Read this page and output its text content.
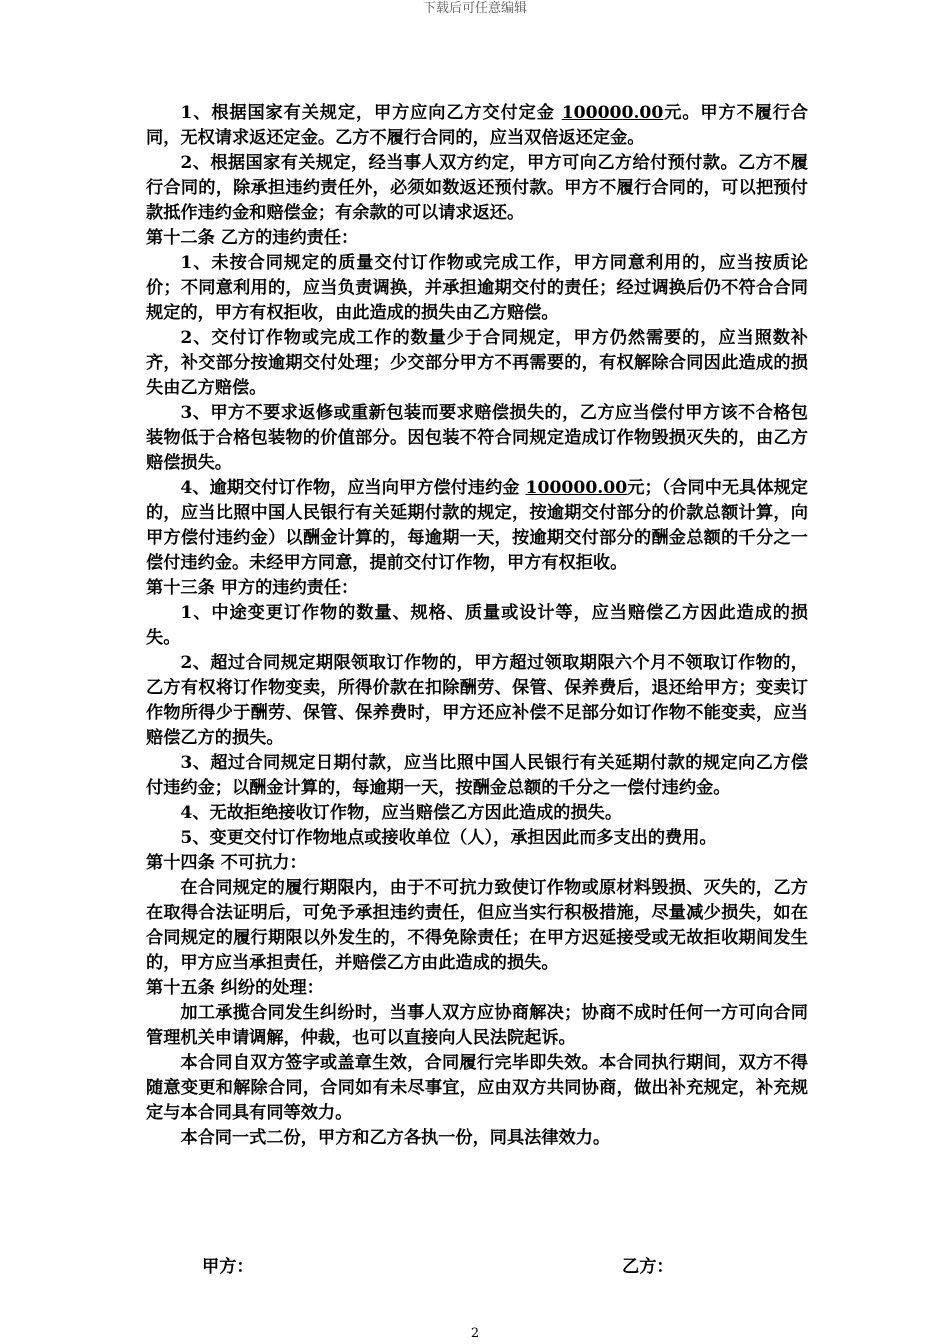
下载后可任意编辑

1、根据国家有关规定，甲方应向乙方交付定金 100000.00元。甲方不履行合同，无权请求返还定金。乙方不履行合同的，应当双倍返还定金。

2、根据国家有关规定，经当事人双方约定，甲方可向乙方给付预付款。乙方不履行合同的，除承担违约责任外，必须如数返还预付款。甲方不履行合同的，可以把预付款抵作违约金和赔偿金；有余款的可以请求返还。

第十二条 乙方的违约责任：

1、未按合同规定的质量交付订作物或完成工作，甲方同意利用的，应当按质论价；不同意利用的，应当负责调换，并承担逾期交付的责任；经过调换后仍不符合合同规定的，甲方有权拒收，由此造成的损失由乙方赔偿。

2、交付订作物或完成工作的数量少于合同规定，甲方仍然需要的，应当照数补齐，补交部分按逾期交付处理；少交部分甲方不再需要的，有权解除合同因此造成的损失由乙方赔偿。

3、甲方不要求返修或重新包装而要求赔偿损失的，乙方应当偿付甲方该不合格包装物低于合格包装物的价值部分。因包装不符合同规定造成订作物毁损灭失的，由乙方赔偿损失。

4、逾期交付订作物，应当向甲方偿付违约金 100000.00元；（合同中无具体规定的，应当比照中国人民银行有关延期付款的规定，按逾期交付部分的价款总额计算，向甲方偿付违约金）以酬金计算的，每逾期一天，按逾期交付部分的酬金总额的千分之一偿付违约金。未经甲方同意，提前交付订作物，甲方有权拒收。

第十三条 甲方的违约责任：

1、中途变更订作物的数量、规格、质量或设计等，应当赔偿乙方因此造成的损失。

2、超过合同规定期限领取订作物的，甲方超过领取期限六个月不领取订作物的，乙方有权将订作物变卖，所得价款在扣除酬劳、保管、保养费后，退还给甲方；变卖订作物所得少于酬劳、保管、保养费时，甲方还应补偿不足部分如订作物不能变卖，应当赔偿乙方的损失。

3、超过合同规定日期付款，应当比照中国人民银行有关延期付款的规定向乙方偿付违约金；以酬金计算的，每逾期一天，按酬金总额的千分之一偿付违约金。

4、无故拒绝接收订作物，应当赔偿乙方因此造成的损失。

5、变更交付订作物地点或接收单位（人），承担因此而多支出的费用。

第十四条 不可抗力：

在合同规定的履行期限内，由于不可抗力致使订作物或原材料毁损、灭失的，乙方在取得合法证明后，可免予承担违约责任，但应当实行积极措施，尽量减少损失，如在合同规定的履行期限以外发生的，不得免除责任；在甲方迟延接受或无故拒收期间发生的，甲方应当承担责任，并赔偿乙方由此造成的损失。

第十五条 纠纷的处理：

加工承揽合同发生纠纷时，当事人双方应协商解决；协商不成时任何一方可向合同管理机关申请调解，仲裁，也可以直接向人民法院起诉。

本合同自双方签字或盖章生效，合同履行完毕即失效。本合同执行期间，双方不得随意变更和解除合同，合同如有未尽事宜，应由双方共同协商，做出补充规定，补充规定与本合同具有同等效力。

本合同一式二份，甲方和乙方各执一份，同具法律效力。

甲方：	乙方：
2
